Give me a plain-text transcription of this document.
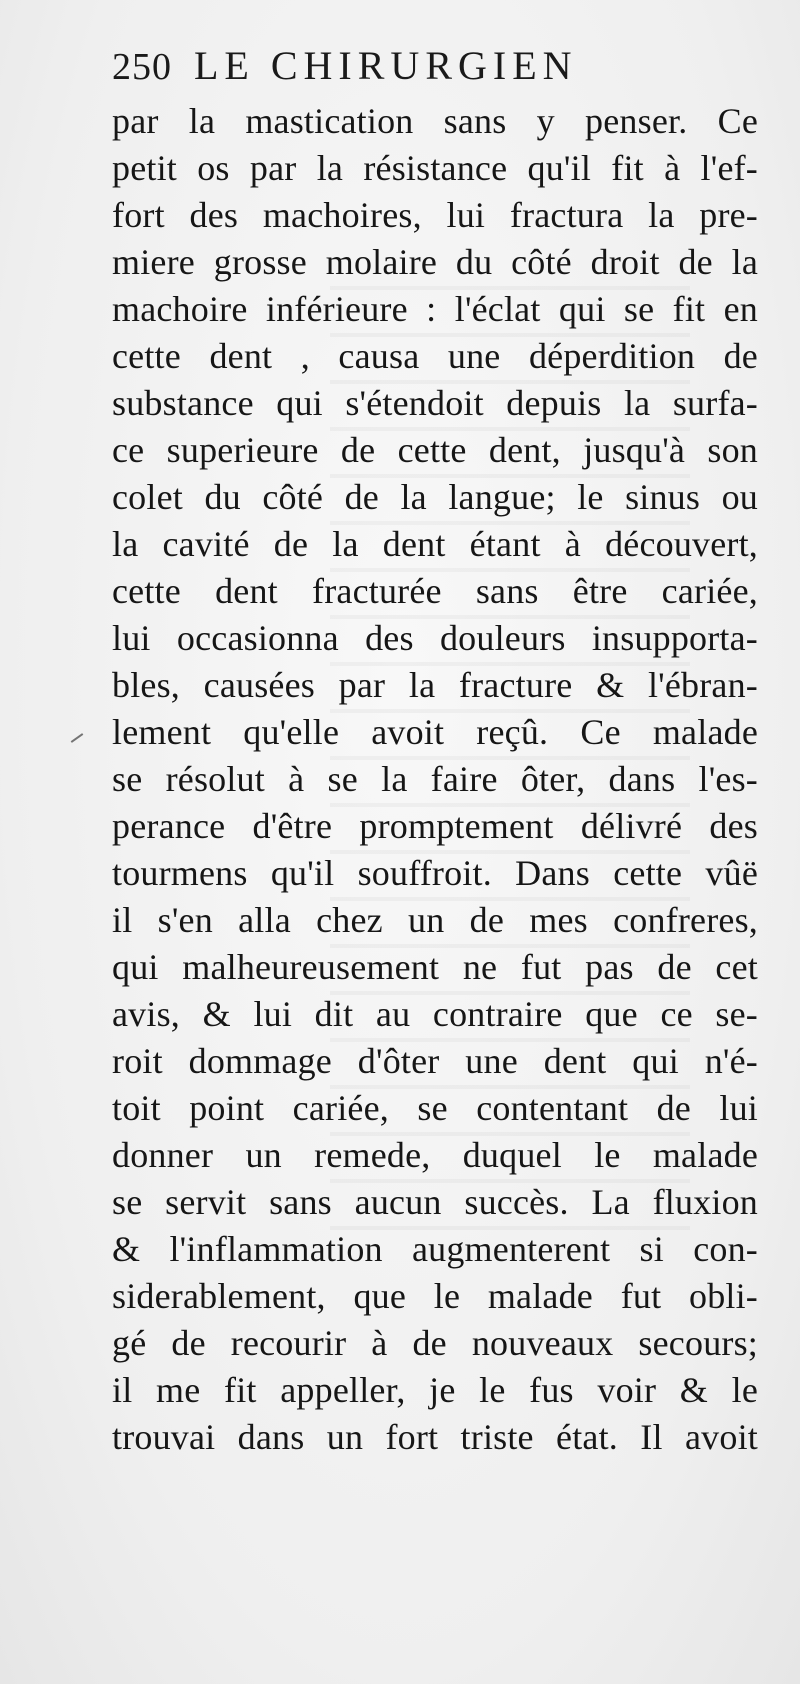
250 LE CHIRURGIEN
par la mastication sans y penser. Ce
petit os par la résistance qu'il fit à l'ef-
fort des machoires, lui fractura la pre-
miere grosse molaire du côté droit de la
machoire inférieure : l'éclat qui se fit en
cette dent , causa une déperdition de
substance qui s'étendoit depuis la surfa-
ce superieure de cette dent, jusqu'à son
colet du côté de la langue; le sinus ou
la cavité de la dent étant à découvert,
cette dent fracturée sans être cariée,
lui occasionna des douleurs insupporta-
bles, causées par la fracture & l'ébran-
lement qu'elle avoit reçû. Ce malade
se résolut à se la faire ôter, dans l'es-
perance d'être promptement délivré des
tourmens qu'il souffroit. Dans cette vûë
il s'en alla chez un de mes confreres,
qui malheureusement ne fut pas de cet
avis, & lui dit au contraire que ce se-
roit dommage d'ôter une dent qui n'é-
toit point cariée, se contentant de lui
donner un remede, duquel le malade
se servit sans aucun succès. La fluxion
& l'inflammation augmenterent si con-
siderablement, que le malade fut obli-
gé de recourir à de nouveaux secours;
il me fit appeller, je le fus voir & le
trouvai dans un fort triste état. Il avoit
